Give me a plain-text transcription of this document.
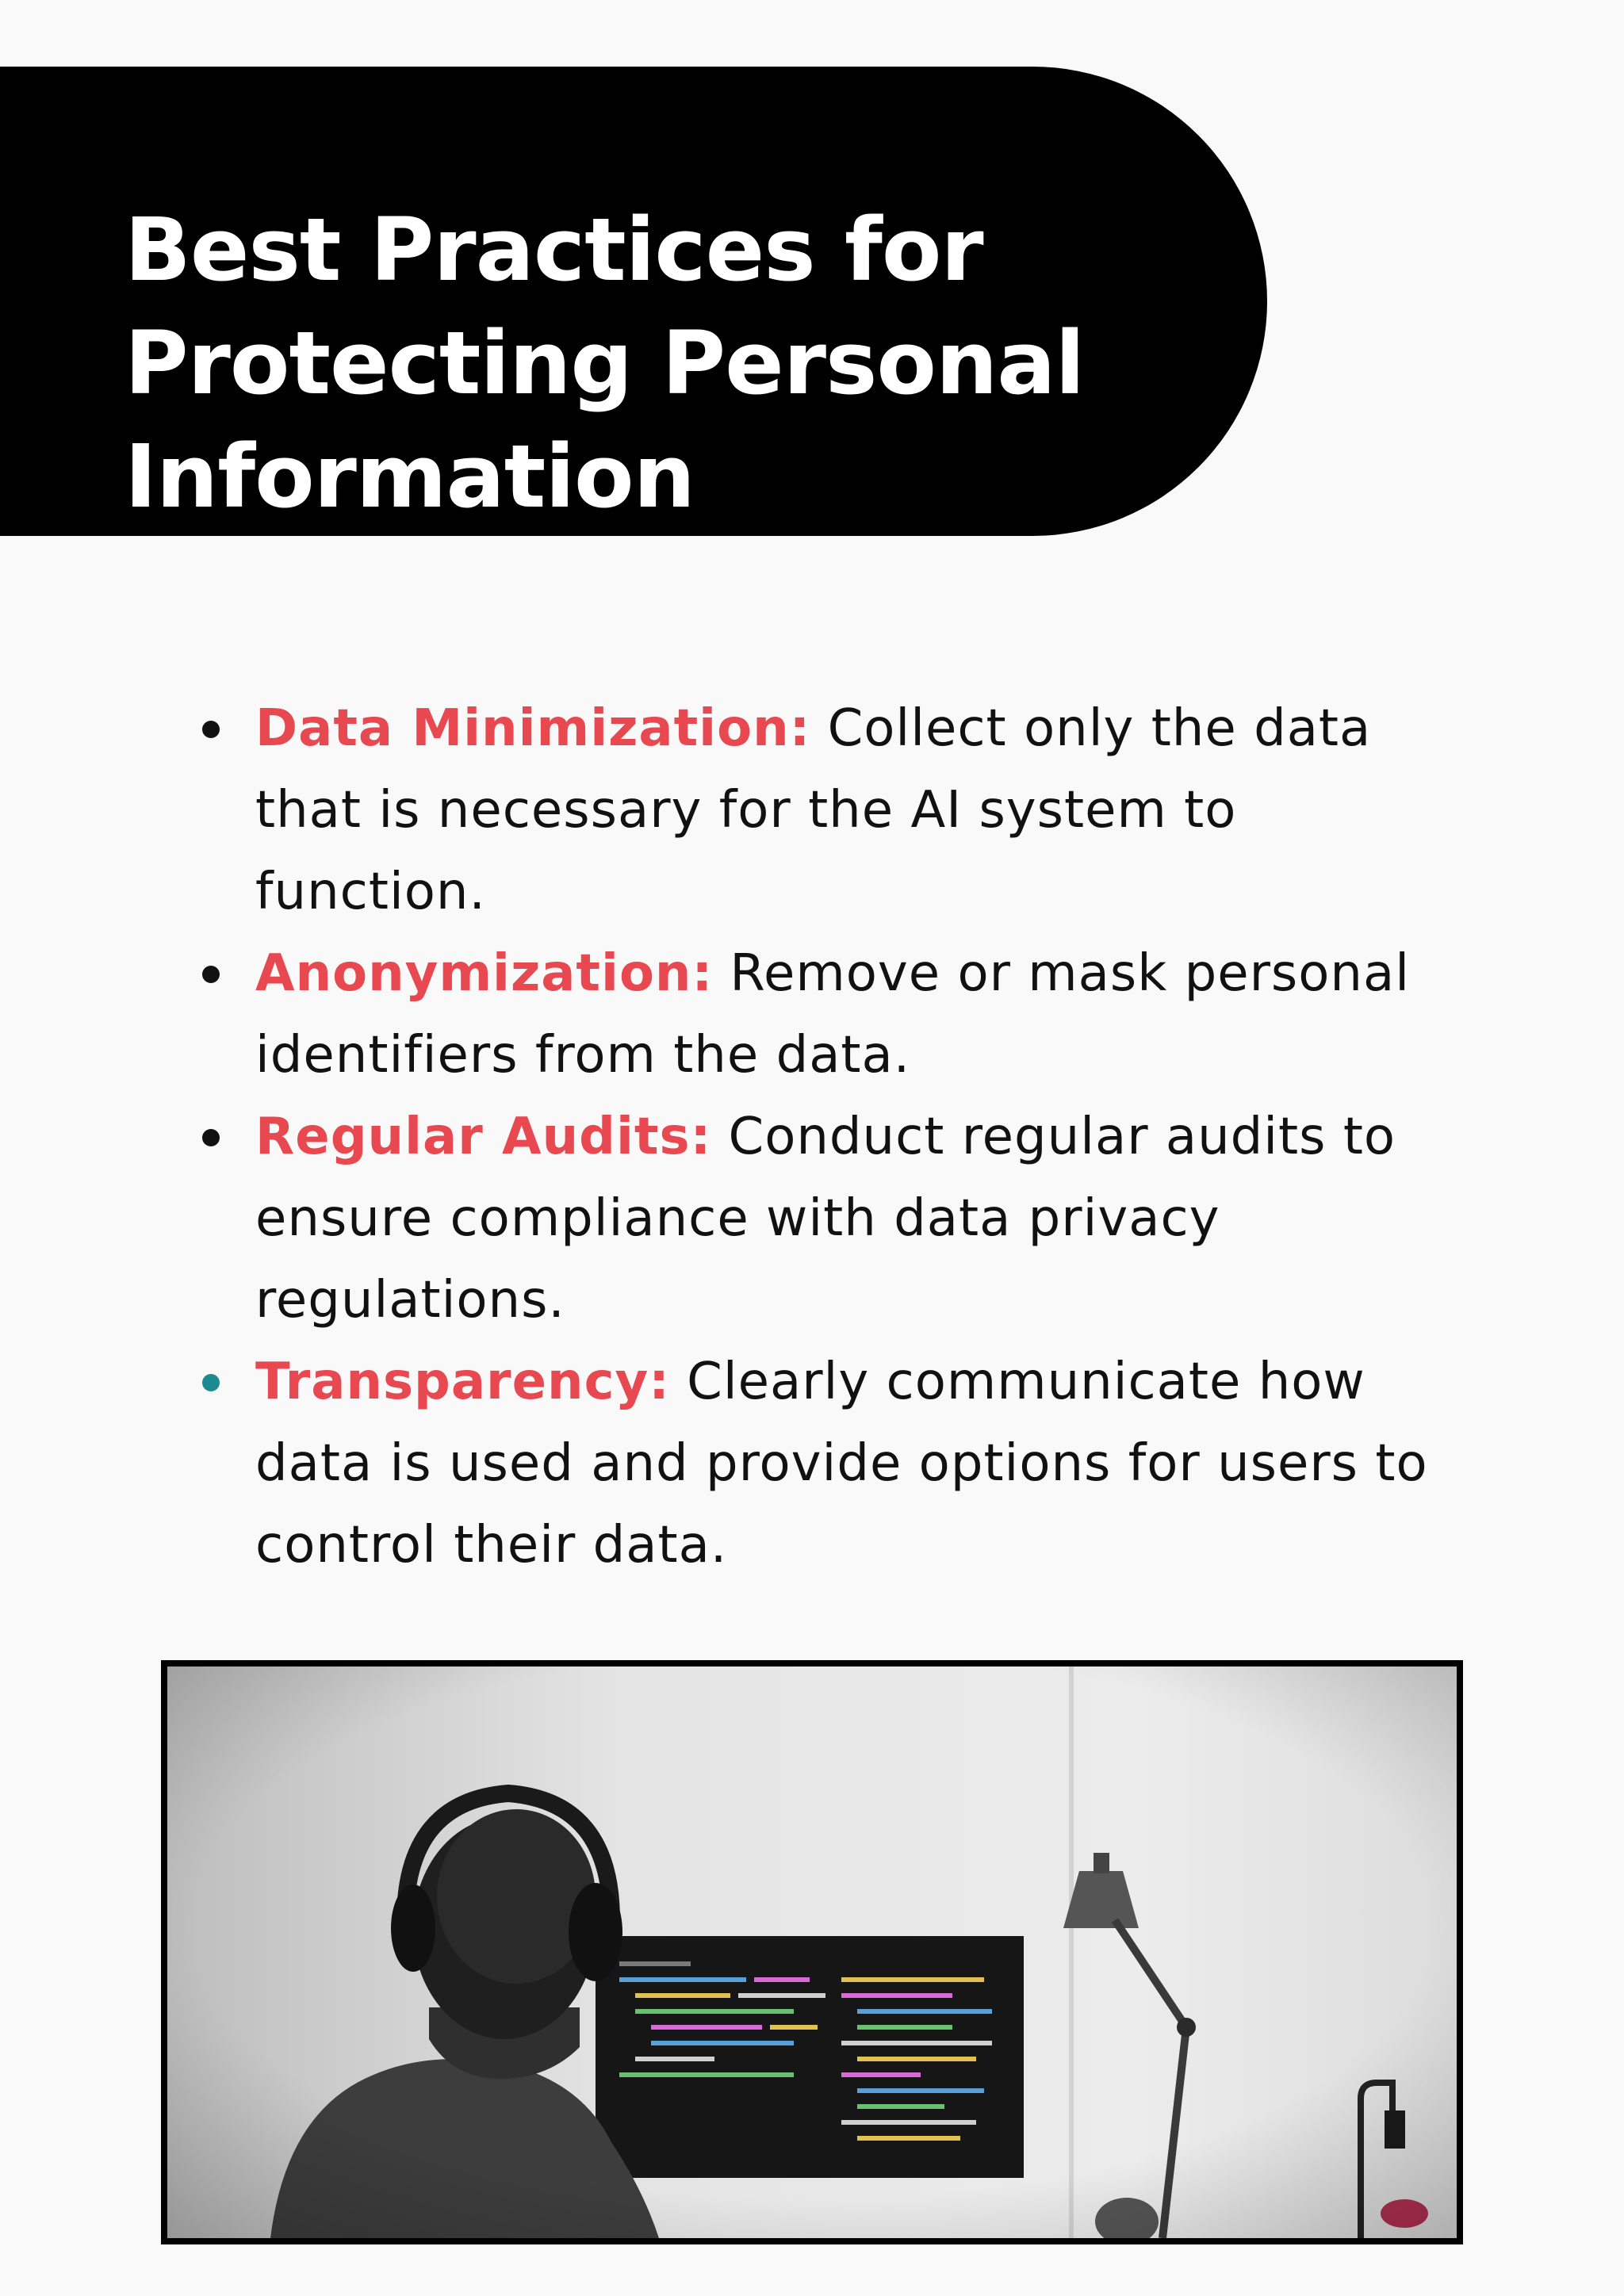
Best Practices for Protecting Personal Information
Data Minimization: Collect only the data that is necessary for the AI system to function.
Anonymization: Remove or mask personal identifiers from the data.
Regular Audits: Conduct regular audits to ensure compliance with data privacy regulations.
Transparency: Clearly communicate how data is used and provide options for users to control their data.
